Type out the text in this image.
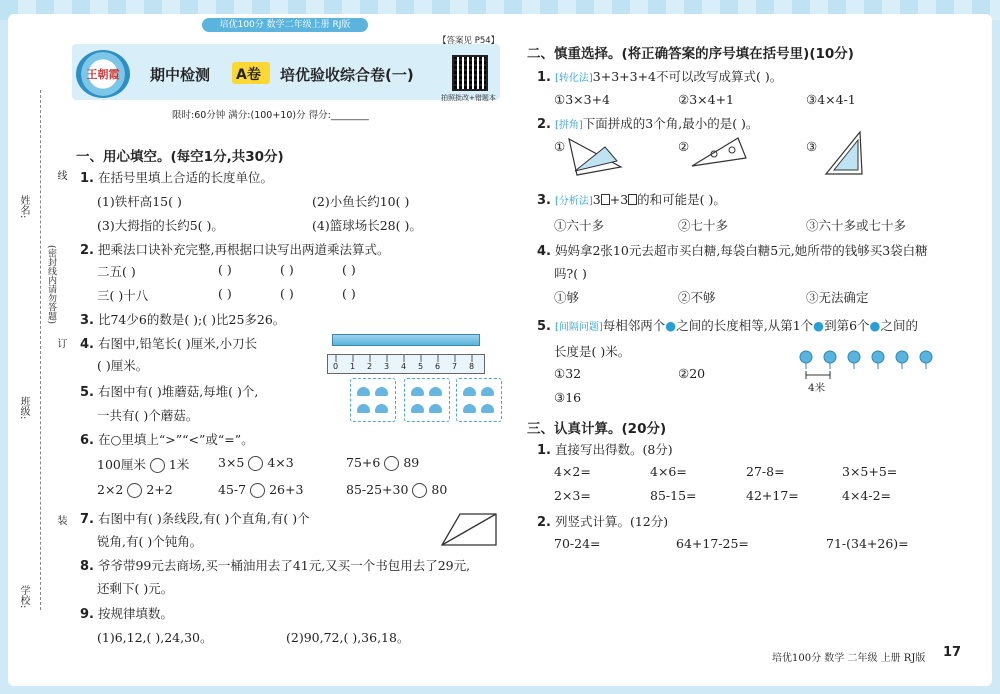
培优100分 数学二年级上册 RJ版
姓名:
班级:
学校:
线
(密封线内请勿答题)
订
装
王朝霞	期中检测 A卷 培优验收综合卷(一)
【答案见 P54】
拍照批改+错题本
限时:60分钟 满分:(100+10)分 得分:________
一、用心填空。(每空1分,共30分)
1. 在括号里填上合适的长度单位。
(1)铁杆高15( )	(2)小鱼长约10( )
(3)大拇指的长约5( )。	(4)篮球场长28( )。
2. 把乘法口诀补充完整,再根据口诀写出两道乘法算式。
二五( )	( )	( )	( )
三( )十八	( )	( )	( )
3. 比74少6的数是( );( )比25多26。
4. 右图中,铅笔长( )厘米,小刀长
( )厘米。	0 1 2 3 4 5 6 7 8
5. 右图中有( )堆蘑菇,每堆( )个,
一共有( )个蘑菇。
6. 在○里填上“>”“<”或“=”。
100厘米 1米 3×5 4×3	75+6 89
2×2 2+2	45-7 26+3	85-25+30 80
7. 右图中有( )条线段,有( )个直角,有( )个
锐角,有( )个钝角。
8. 爷爷带99元去商场,买一桶油用去了41元,又买一个书包用去了29元,
还剩下( )元。
9. 按规律填数。
(1)6,12,( ),24,30。	(2)90,72,( ),36,18。
二、慎重选择。(将正确答案的序号填在括号里)(10分)
1. [转化法]3+3+3+4不可以改写成算式( )。
①3×3+4	②3×4+1	③4×4-1
2. [拼角]下面拼成的3个角,最小的是( )。
①	②	③
3. [分析法]3 +3 的和可能是( )。
①六十多	②七十多	③六十多或七十多
4. 妈妈拿2张10元去超市买白糖,每袋白糖5元,她所带的钱够买3袋白糖
吗?( )
①够	②不够	③无法确定
5. [间隔问题]每相邻两个●之间的长度相等,从第1个●到第6个●之间的
长度是( )米。
①32	②20
③16
4米
三、认真计算。(20分)
1. 直接写出得数。(8分)
4×2=	4×6=	27-8=	3×5+5=
2×3=	85-15=	42+17=	4×4-2=
2. 列竖式计算。(12分)
70-24=	64+17-25=	71-(34+26)=
培优100分 数学 二年级 上册 RJ版 17
